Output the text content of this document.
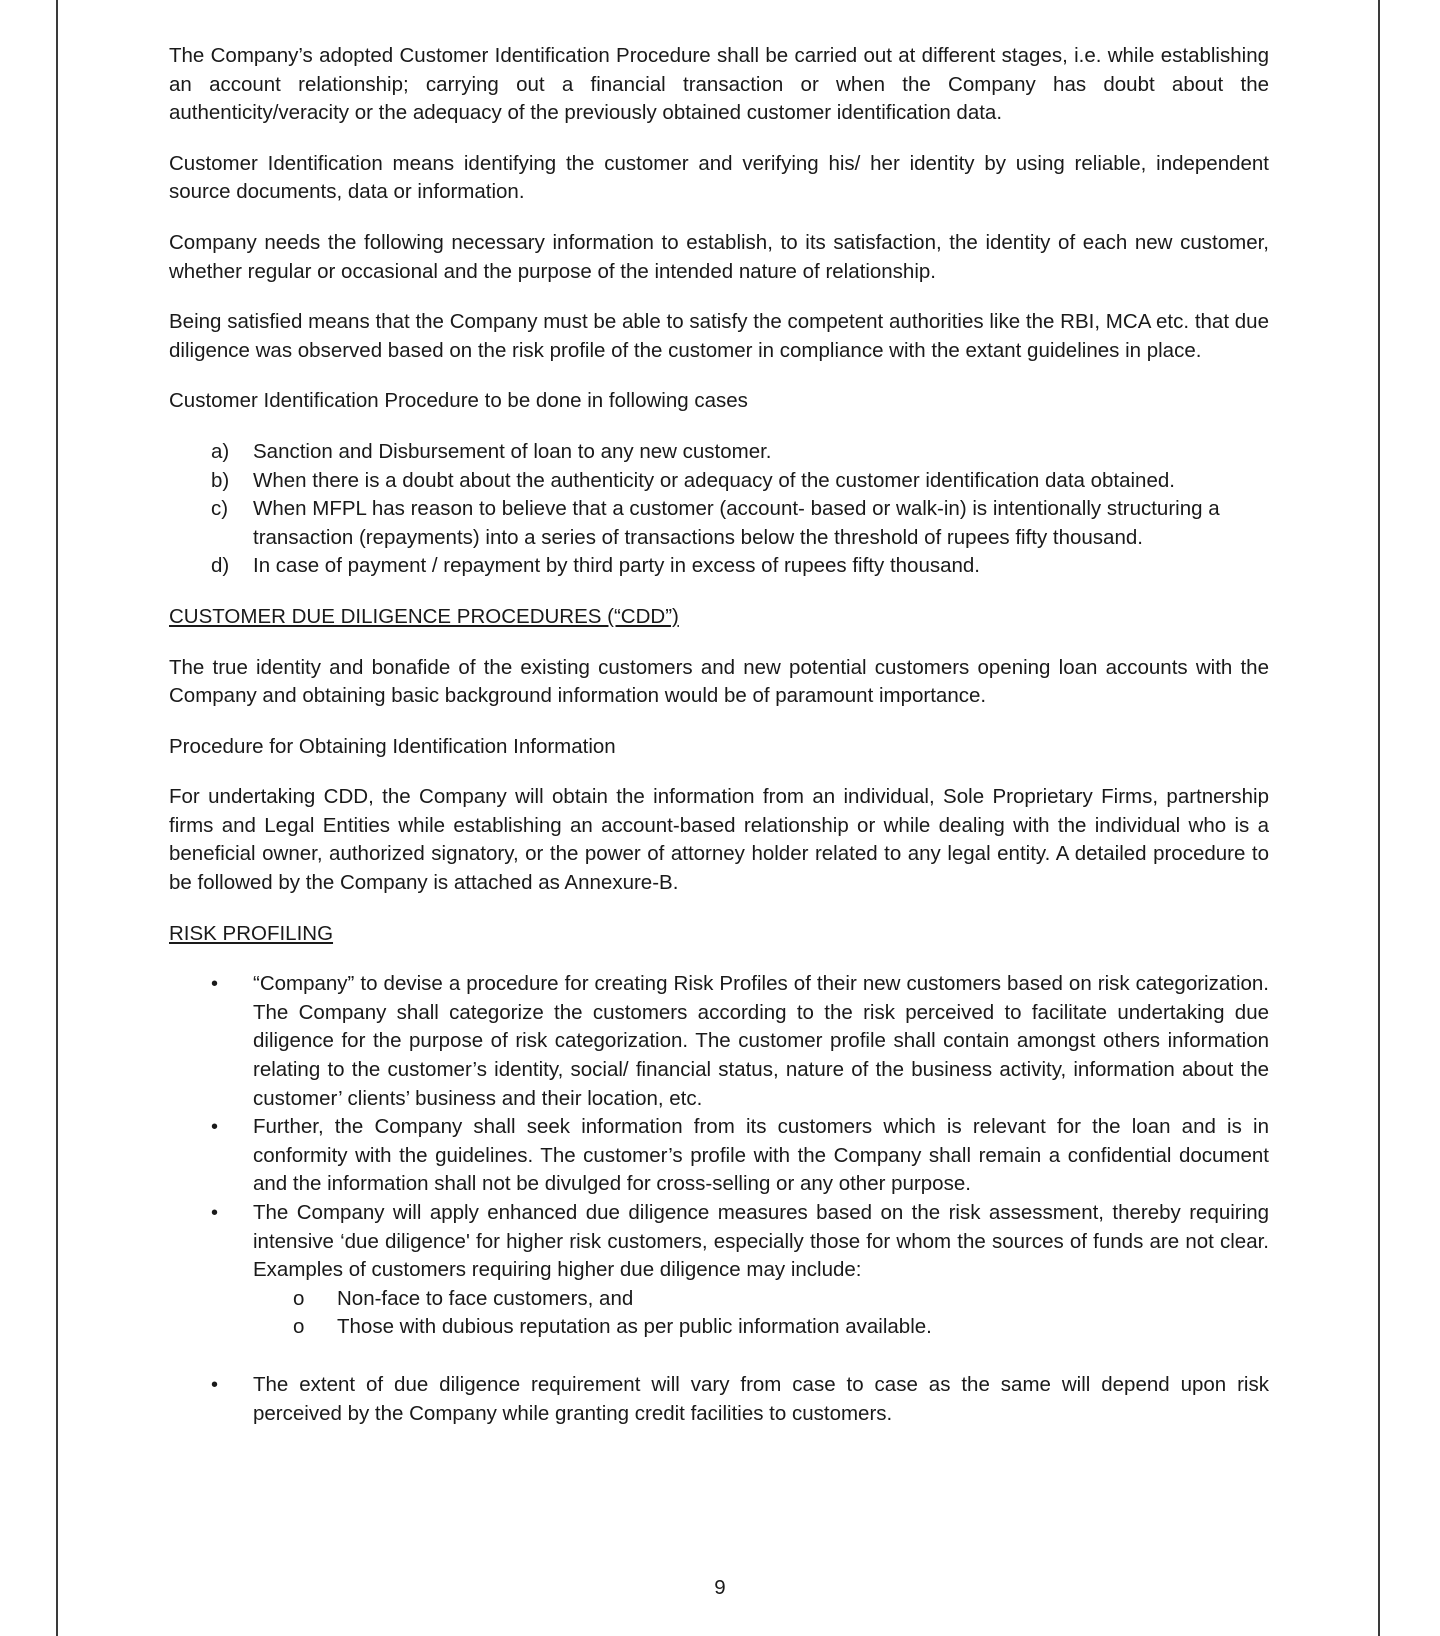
The Company’s adopted Customer Identification Procedure shall be carried out at different stages, i.e. while establishing an account relationship; carrying out a financial transaction or when the Company has doubt about the authenticity/veracity or the adequacy of the previously obtained customer identification data.

Customer Identification means identifying the customer and verifying his/ her identity by using reliable, independent source documents, data or information.

Company needs the following necessary information to establish, to its satisfaction, the identity of each new customer, whether regular or occasional and the purpose of the intended nature of relationship.

Being satisfied means that the Company must be able to satisfy the competent authorities like the RBI, MCA etc. that due diligence was observed based on the risk profile of the customer in compliance with the extant guidelines in place.

Customer Identification Procedure to be done in following cases

a) Sanction and Disbursement of loan to any new customer.
b) When there is a doubt about the authenticity or adequacy of the customer identification data obtained.
c) When MFPL has reason to believe that a customer (account- based or walk-in) is intentionally structuring a transaction (repayments) into a series of transactions below the threshold of rupees fifty thousand.
d) In case of payment / repayment by third party in excess of rupees fifty thousand.
CUSTOMER DUE DILIGENCE PROCEDURES (“CDD”)

The true identity and bonafide of the existing customers and new potential customers opening loan accounts with the Company and obtaining basic background information would be of paramount importance.

Procedure for Obtaining Identification Information

For undertaking CDD, the Company will obtain the information from an individual, Sole Proprietary Firms, partnership firms and Legal Entities while establishing an account-based relationship or while dealing with the individual who is a beneficial owner, authorized signatory, or the power of attorney holder related to any legal entity. A detailed procedure to be followed by the Company is attached as Annexure-B.

RISK PROFILING
• “Company” to devise a procedure for creating Risk Profiles of their new customers based on risk categorization. The Company shall categorize the customers according to the risk perceived to facilitate undertaking due diligence for the purpose of risk categorization. The customer profile shall contain amongst others information relating to the customer’s identity, social/ financial status, nature of the business activity, information about the customer’ clients’ business and their location, etc.
• Further, the Company shall seek information from its customers which is relevant for the loan and is in conformity with the guidelines. The customer’s profile with the Company shall remain a confidential document and the information shall not be divulged for cross-selling or any other purpose.
• The Company will apply enhanced due diligence measures based on the risk assessment, thereby requiring intensive ‘due diligence' for higher risk customers, especially those for whom the sources of funds are not clear. Examples of customers requiring higher due diligence may include:
o Non-face to face customers, and
o Those with dubious reputation as per public information available.
• The extent of due diligence requirement will vary from case to case as the same will depend upon risk perceived by the Company while granting credit facilities to customers.
9
